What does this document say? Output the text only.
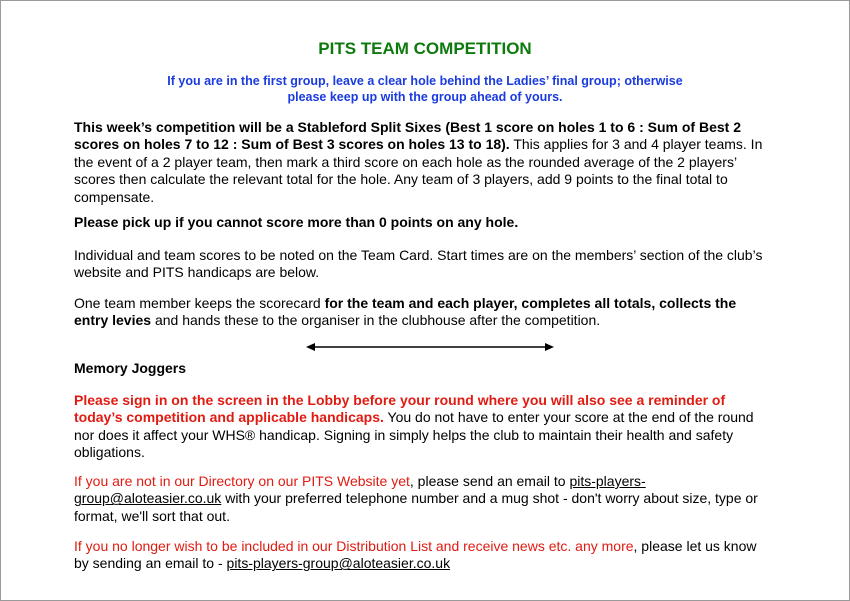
PITS TEAM COMPETITION
If you are in the first group, leave a clear hole behind the Ladies’ final group; otherwise
please keep up with the group ahead of yours.
This week’s competition will be a Stableford Split Sixes (Best 1 score on holes 1 to 6 : Sum of Best 2 scores on holes 7 to 12 : Sum of Best 3 scores on holes 13 to 18). This applies for 3 and 4 player teams. In the event of a 2 player team, then mark a third score on each hole as the rounded average of the 2 players’ scores then calculate the relevant total for the hole. Any team of 3 players, add 9 points to the final total to compensate.
Please pick up if you cannot score more than 0 points on any hole.
Individual and team scores to be noted on the Team Card. Start times are on the members’ section of the club’s website and PITS handicaps are below.
One team member keeps the scorecard for the team and each player, completes all totals, collects the entry levies and hands these to the organiser in the clubhouse after the competition.
Memory Joggers
Please sign in on the screen in the Lobby before your round where you will also see a reminder of today’s competition and applicable handicaps. You do not have to enter your score at the end of the round nor does it affect your WHS® handicap. Signing in simply helps the club to maintain their health and safety obligations.
If you are not in our Directory on our PITS Website yet, please send an email to pits-players-group@aloteasier.co.uk with your preferred telephone number and a mug shot - don't worry about size, type or format, we'll sort that out.
If you no longer wish to be included in our Distribution List and receive news etc. any more, please let us know by sending an email to - pits-players-group@aloteasier.co.uk
